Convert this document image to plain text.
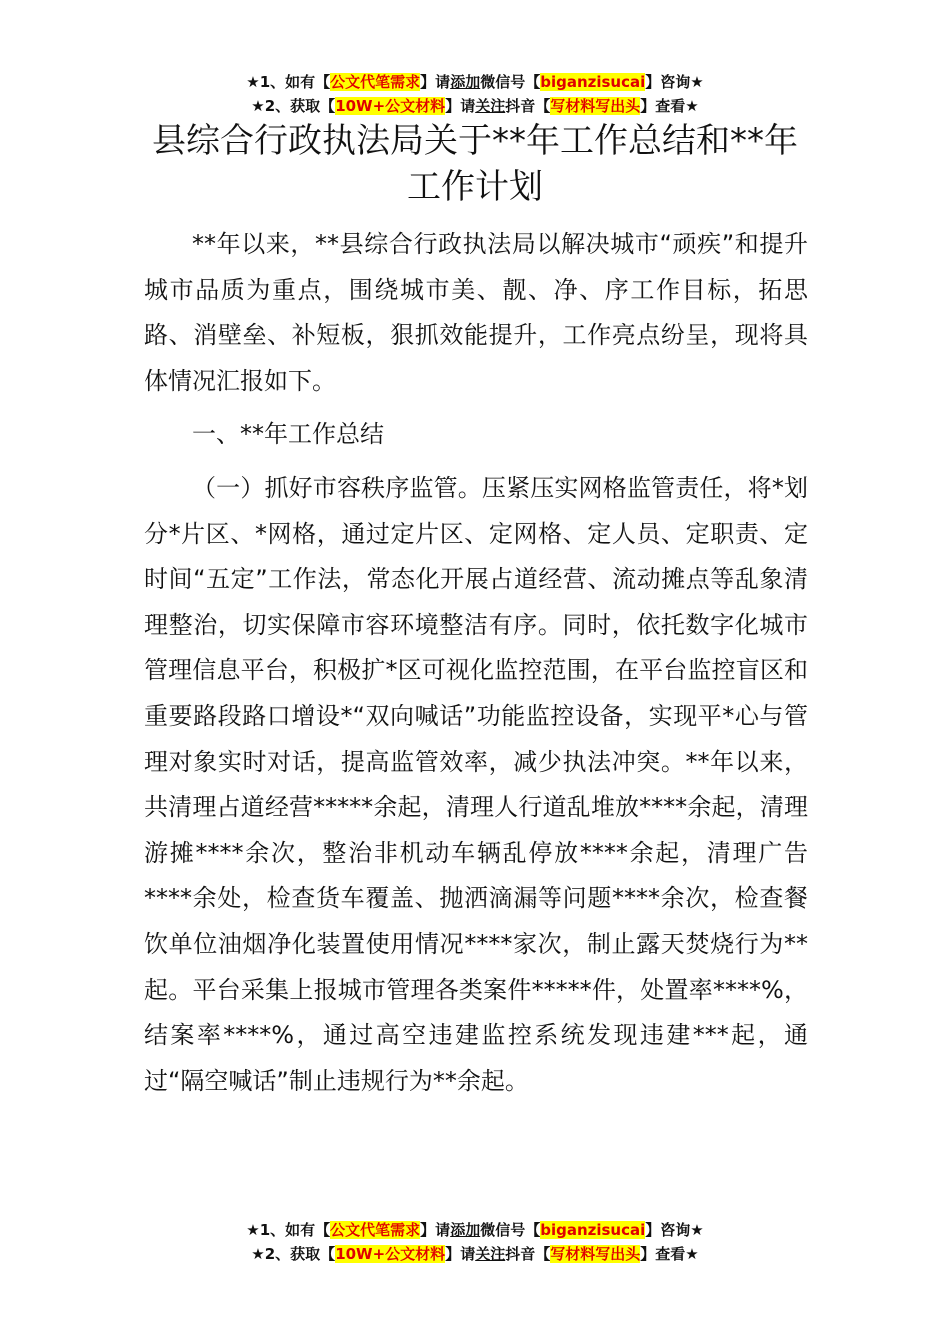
★1、如有【公文代笔需求】请添加微信号【biganzisucai】咨询★
★2、获取【10W+公文材料】请关注抖音【写材料写出头】查看★
县综合行政执法局关于**年工作总结和**年工作计划

**年以来，**县综合行政执法局以解决城市“顽疾”和提升城市品质为重点，围绕城市美、靓、净、序工作目标，拓思路、消壁垒、补短板，狠抓效能提升，工作亮点纷呈，现将具体情况汇报如下。

一、**年工作总结

（一）抓好市容秩序监管。压紧压实网格监管责任，将*划分*片区、*网格，通过定片区、定网格、定人员、定职责、定时间“五定”工作法，常态化开展占道经营、流动摊点等乱象清理整治，切实保障市容环境整洁有序。同时，依托数字化城市管理信息平台，积极扩*区可视化监控范围，在平台监控盲区和重要路段路口增设*“双向喊话”功能监控设备，实现平*心与管理对象实时对话，提高监管效率，减少执法冲突。**年以来，共清理占道经营*****余起，清理人行道乱堆放****余起，清理游摊****余次，整治非机动车辆乱停放****余起，清理广告****余处，检查货车覆盖、抛洒滴漏等问题****余次，检查餐饮单位油烟净化装置使用情况****家次，制止露天焚烧行为**起。平台采集上报城市管理各类案件*****件，处置率****%，结案率****%，通过高空违建监控系统发现违建***起，通过“隔空喊话”制止违规行为**余起。

★1、如有【公文代笔需求】请添加微信号【biganzisucai】咨询★
★2、获取【10W+公文材料】请关注抖音【写材料写出头】查看★
